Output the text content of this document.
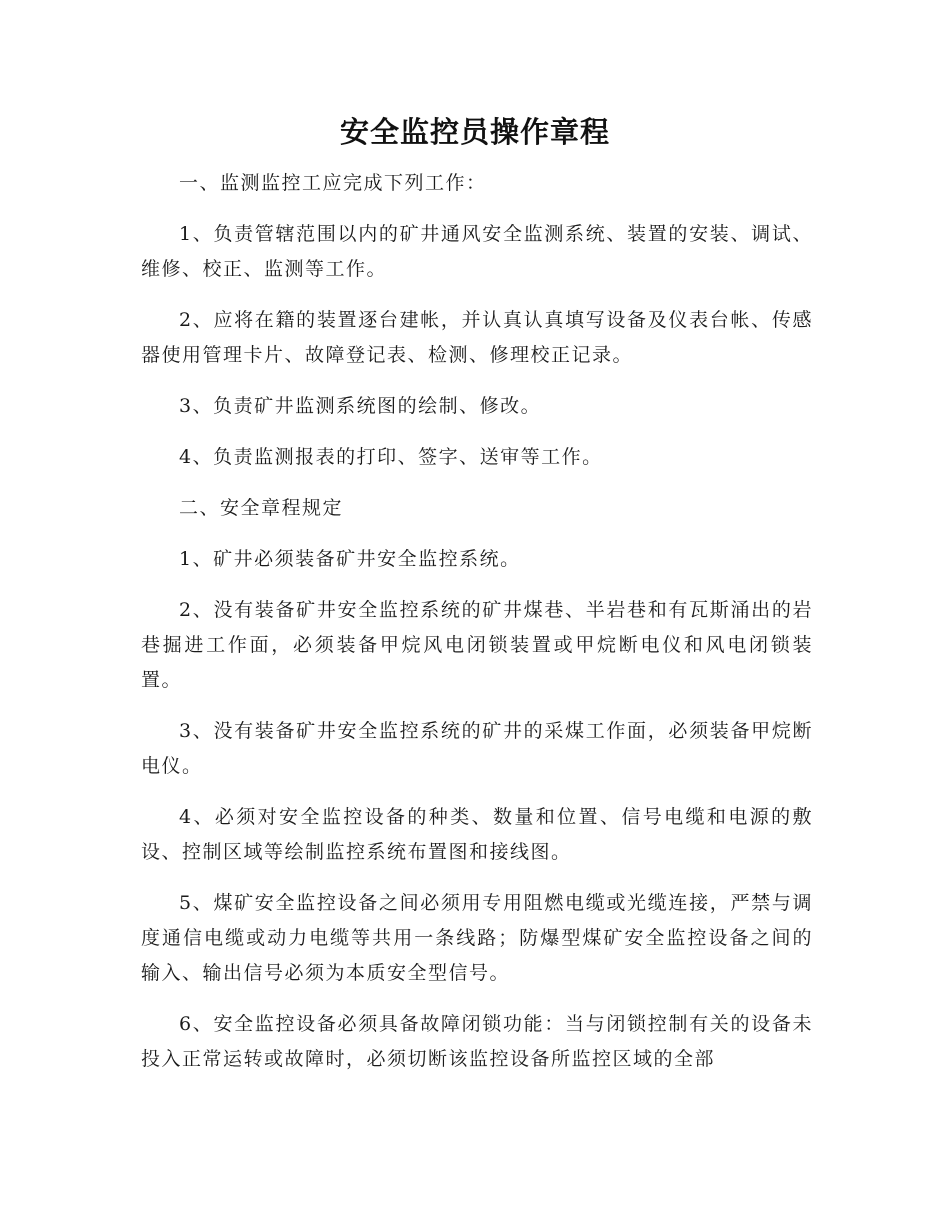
安全监控员操作章程

一、监测监控工应完成下列工作：

1、负责管辖范围以内的矿井通风安全监测系统、装置的安装、调试、维修、校正、监测等工作。

2、应将在籍的装置逐台建帐，并认真认真填写设备及仪表台帐、传感器使用管理卡片、故障登记表、检测、修理校正记录。

3、负责矿井监测系统图的绘制、修改。

4、负责监测报表的打印、签字、送审等工作。

二、安全章程规定

1、矿井必须装备矿井安全监控系统。

2、没有装备矿井安全监控系统的矿井煤巷、半岩巷和有瓦斯涌出的岩巷掘进工作面，必须装备甲烷风电闭锁装置或甲烷断电仪和风电闭锁装置。

3、没有装备矿井安全监控系统的矿井的采煤工作面，必须装备甲烷断电仪。

4、必须对安全监控设备的种类、数量和位置、信号电缆和电源的敷设、控制区域等绘制监控系统布置图和接线图。

5、煤矿安全监控设备之间必须用专用阻燃电缆或光缆连接，严禁与调度通信电缆或动力电缆等共用一条线路；防爆型煤矿安全监控设备之间的输入、输出信号必须为本质安全型信号。

6、安全监控设备必须具备故障闭锁功能：当与闭锁控制有关的设备未投入正常运转或故障时，必须切断该监控设备所监控区域的全部
